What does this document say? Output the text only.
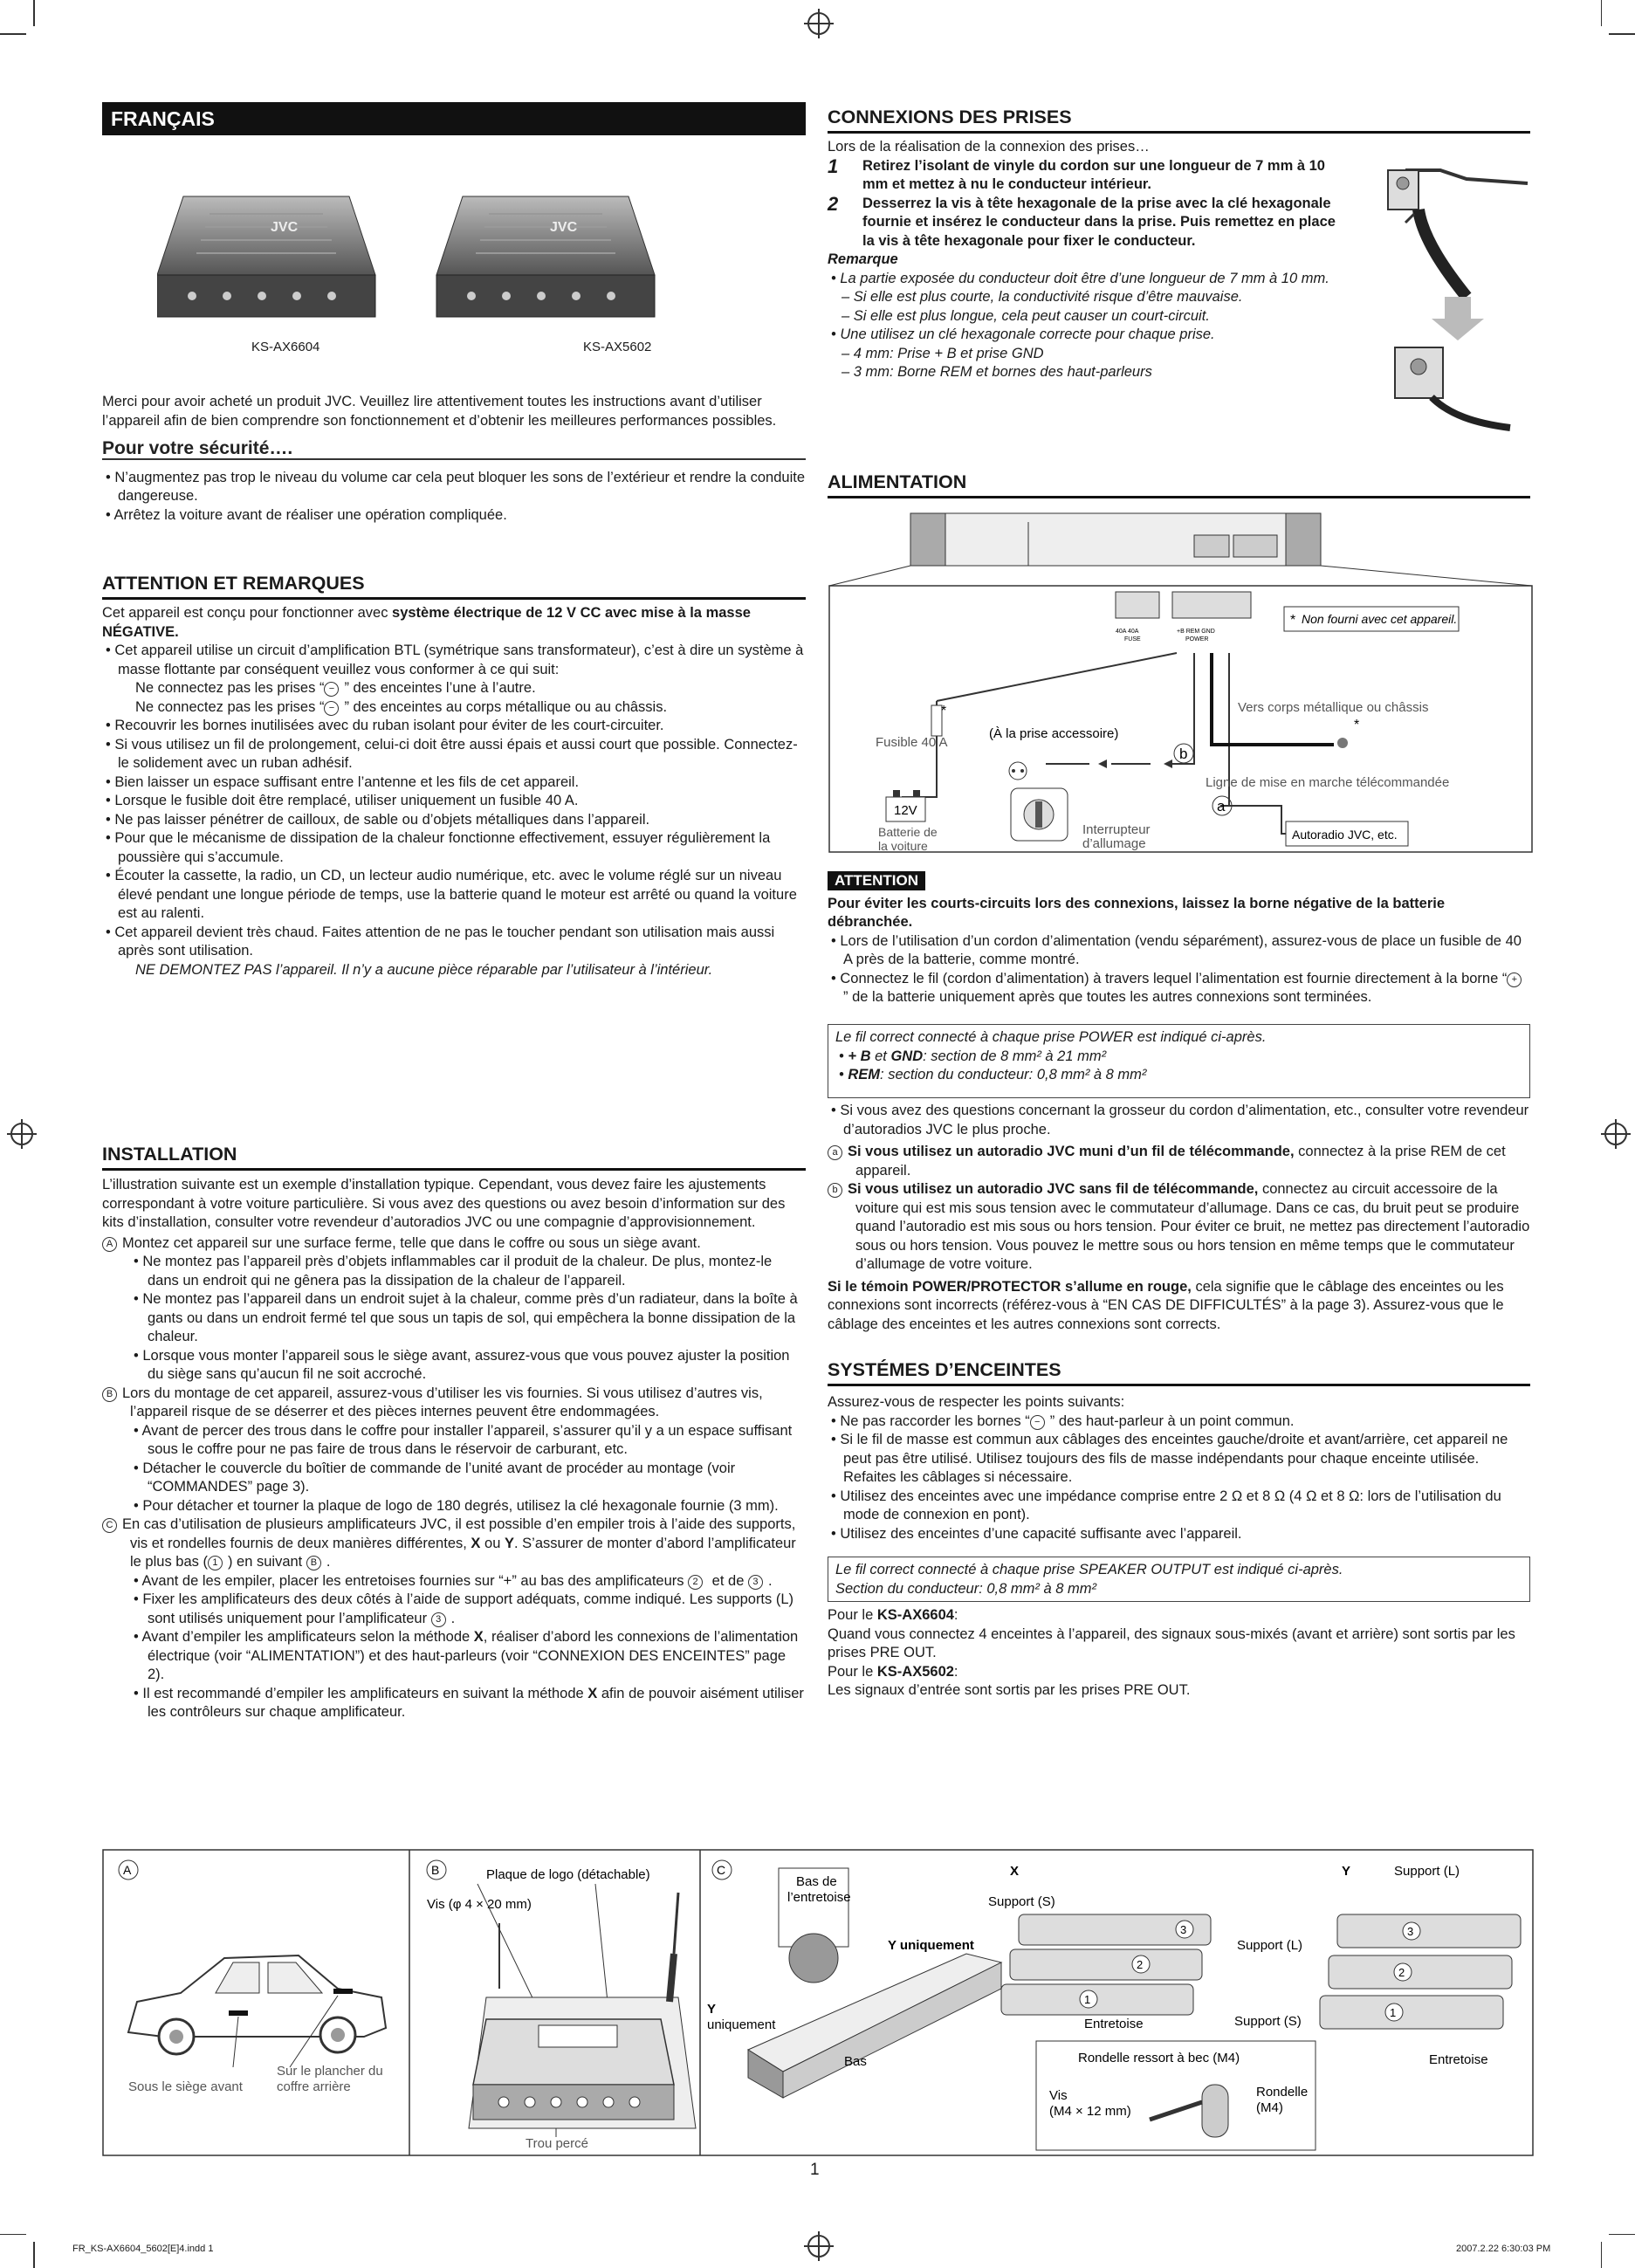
FRANÇAIS
JVC	JVC
KS-AX6604	KS-AX5602

Merci pour avoir acheté un produit JVC. Veuillez lire attentivement toutes les instructions avant d’utiliser l’appareil afin de bien comprendre son fonctionnement et d’obtenir les meilleures performances possibles.

Pour votre sécurité….

• N’augmentez pas trop le niveau du volume car cela peut bloquer les sons de l’extérieur et rendre la conduite dangereuse.

• Arrêtez la voiture avant de réaliser une opération compliquée.

ATTENTION ET REMARQUES

Cet appareil est conçu pour fonctionner avec système électrique de 12 V CC avec mise à la masse NÉGATIVE.

• Cet appareil utilise un circuit d’amplification BTL (symétrique sans transformateur), c’est à dire un système à masse flottante par conséquent veuillez vous conformer à ce qui suit:

Ne connectez pas les prises “ − ” des enceintes l’une à l’autre.

Ne connectez pas les prises “ − ” des enceintes au corps métallique ou au châssis.

• Recouvrir les bornes inutilisées avec du ruban isolant pour éviter de les court-circuiter.

• Si vous utilisez un fil de prolongement, celui-ci doit être aussi épais et aussi court que possible. Connectez-le solidement avec un ruban adhésif.

• Bien laisser un espace suffisant entre l’antenne et les fils de cet appareil.

• Lorsque le fusible doit être remplacé, utiliser uniquement un fusible 40 A.

• Ne pas laisser pénétrer de cailloux, de sable ou d’objets métalliques dans l’appareil.

• Pour que le mécanisme de dissipation de la chaleur fonctionne effectivement, essuyer régulièrement la poussière qui s’accumule.

• Écouter la cassette, la radio, un CD, un lecteur audio numérique, etc. avec le volume réglé sur un niveau élevé pendant une longue période de temps, use la batterie quand le moteur est arrêté ou quand la voiture est au ralenti.

• Cet appareil devient très chaud. Faites attention de ne pas le toucher pendant son utilisation mais aussi après sont utilisation.

NE DEMONTEZ PAS l’appareil. Il n’y a aucune pièce réparable par l’utilisateur à l’intérieur.

INSTALLATION

L’illustration suivante est un exemple d’installation typique. Cependant, vous devez faire les ajustements correspondant à votre voiture particulière. Si vous avez des questions ou avez besoin d’information sur des kits d’installation, consulter votre revendeur d’autoradios JVC ou une compagnie d’approvisionnement.

A Montez cet appareil sur une surface ferme, telle que dans le coffre ou sous un siège avant.

• Ne montez pas l’appareil près d’objets inflammables car il produit de la chaleur. De plus, montez-le dans un endroit qui ne gênera pas la dissipation de la chaleur de l’appareil.

• Ne montez pas l’appareil dans un endroit sujet à la chaleur, comme près d’un radiateur, dans la boîte à gants ou dans un endroit fermé tel que sous un tapis de sol, qui empêchera la bonne dissipation de la chaleur.

• Lorsque vous monter l’appareil sous le siège avant, assurez-vous que vous pouvez ajuster la position du siège sans qu’aucun fil ne soit accroché.

B Lors du montage de cet appareil, assurez-vous d’utiliser les vis fournies. Si vous utilisez d’autres vis, l’appareil risque de se déserrer et des pièces internes peuvent être endommagées.

• Avant de percer des trous dans le coffre pour installer l’appareil, s’assurer qu’il y a un espace suffisant sous le coffre pour ne pas faire de trous dans le réservoir de carburant, etc.

• Détacher le couvercle du boîtier de commande de l’unité avant de procéder au montage (voir “COMMANDES” page 3).

• Pour détacher et tourner la plaque de logo de 180 degrés, utilisez la clé hexagonale fournie (3 mm).

C En cas d’utilisation de plusieurs amplificateurs JVC, il est possible d’en empiler trois à l’aide des supports, vis et rondelles fournis de deux manières différentes, X ou Y. S’assurer de monter d’abord l’amplificateur le plus bas ( 1 ) en suivant B .

• Avant de les empiler, placer les entretoises fournies sur “+” au bas des amplificateurs 2 et de 3 .

• Fixer les amplificateurs des deux côtés à l’aide de support adéquats, comme indiqué. Les supports (L) sont utilisés uniquement pour l’amplificateur 3 .

• Avant d’empiler les amplificateurs selon la méthode X, réaliser d’abord les connexions de l’alimentation électrique (voir “ALIMENTATION”) et des haut-parleurs (voir “CONNEXION DES ENCEINTES” page 2).

• Il est recommandé d’empiler les amplificateurs en suivant la méthode X afin de pouvoir aisément utiliser les contrôleurs sur chaque amplificateur.

CONNEXIONS DES PRISES

Lors de la réalisation de la connexion des prises…

1	Retirez l’isolant de vinyle du cordon sur une longueur de 7 mm à 10 mm et mettez à nu le conducteur intérieur.
2	Desserrez la vis à tête hexagonale de la prise avec la clé hexagonale fournie et insérez le conducteur dans la prise. Puis remettez en place la vis à tête hexagonale pour fixer le conducteur.

Remarque

• La partie exposée du conducteur doit être d’une longueur de 7 mm à 10 mm.

– Si elle est plus courte, la conductivité risque d’être mauvaise.

– Si elle est plus longue, cela peut causer un court-circuit.

• Une utilisez un clé hexagonale correcte pour chaque prise.

– 4 mm: Prise + B et prise GND

– 3 mm: Borne REM et bornes des haut-parleurs

ALIMENTATION
40A 40A
FUSE
+B REM GND
POWER
* Non fourni avec cet appareil.
*
Fusible 40 A
(À la prise accessoire)
b
a
*
Vers corps métallique ou châssis
Ligne de mise en marche télécommandée
Autoradio JVC, etc.
12V
Batterie de
la voiture
Interrupteur
d’allumage
ATTENTION

Pour éviter les courts-circuits lors des connexions, laissez la borne négative de la batterie débranchée.

• Lors de l’utilisation d’un cordon d’alimentation (vendu séparément), assurez-vous de place un fusible de 40 A près de la batterie, comme montré.

• Connectez le fil (cordon d’alimentation) à travers lequel l’alimentation est fournie directement à la borne “ +” de la batterie uniquement après que toutes les autres connexions sont terminées.

Le fil correct connecté à chaque prise POWER est indiqué ci-après.

• + B et GND: section de 8 mm² à 21 mm²

• REM: section du conducteur: 0,8 mm² à 8 mm²

• Si vous avez des questions concernant la grosseur du cordon d’alimentation, etc., consulter votre revendeur d’autoradios JVC le plus proche.

a Si vous utilisez un autoradio JVC muni d’un fil de télécommande, connectez à la prise REM de cet appareil.

b Si vous utilisez un autoradio JVC sans fil de télécommande, connectez au circuit accessoire de la voiture qui est mis sous tension avec le commutateur d’allumage. Dans ce cas, du bruit peut se produire quand l’autoradio est mis sous ou hors tension. Pour éviter ce bruit, ne mettez pas directement l’autoradio sous ou hors tension. Vous pouvez le mettre sous ou hors tension en même temps que le commutateur d’allumage de votre voiture.

Si le témoin POWER/PROTECTOR s’allume en rouge, cela signifie que le câblage des enceintes ou les connexions sont incorrects (référez-vous à “EN CAS DE DIFFICULTÉS” à la page 3). Assurez-vous que le câblage des enceintes et les autres connexions sont corrects.

SYSTÉMES D’ENCEINTES

Assurez-vous de respecter les points suivants:

• Ne pas raccorder les bornes “ − ” des haut-parleur à un point commun.

• Si le fil de masse est commun aux câblages des enceintes gauche/droite et avant/arrière, cet appareil ne peut pas être utilisé. Utilisez toujours des fils de masse indépendants pour chaque enceinte utilisée. Refaites les câblages si nécessaire.

• Utilisez des enceintes avec une impédance comprise entre 2 Ω et 8 Ω (4 Ω et 8 Ω: lors de l’utilisation du mode de connexion en pont).

• Utilisez des enceintes d’une capacité suffisante avec l’appareil.

Le fil correct connecté à chaque prise SPEAKER OUTPUT est indiqué ci-après.

Section du conducteur: 0,8 mm² à 8 mm²

Pour le KS-AX6604:

Quand vous connectez 4 enceintes à l’appareil, des signaux sous-mixés (avant et arrière) sont sortis par les prises PRE OUT.

Pour le KS-AX5602:

Les signaux d’entrée sont sortis par les prises PRE OUT.

A
Sous le siège avant
Sur le plancher du
coffre arrière
B	Plaque de logo (détachable)
Vis (φ 4 × 20 mm)
Trou percé
C
Bas de
l’entretoise
Y uniquement
Y
uniquement
Bas
X
Support (S)
Support (L)
Entretoise
3
2
1
Y	Support (L)
Support (S)
Entretoise
3
2
1
Rondelle ressort à bec (M4)
Vis
(M4 × 12 mm)
Rondelle
(M4)
1
FR_KS-AX6604_5602[E]4.indd 1	2007.2.22 6:30:03 PM
